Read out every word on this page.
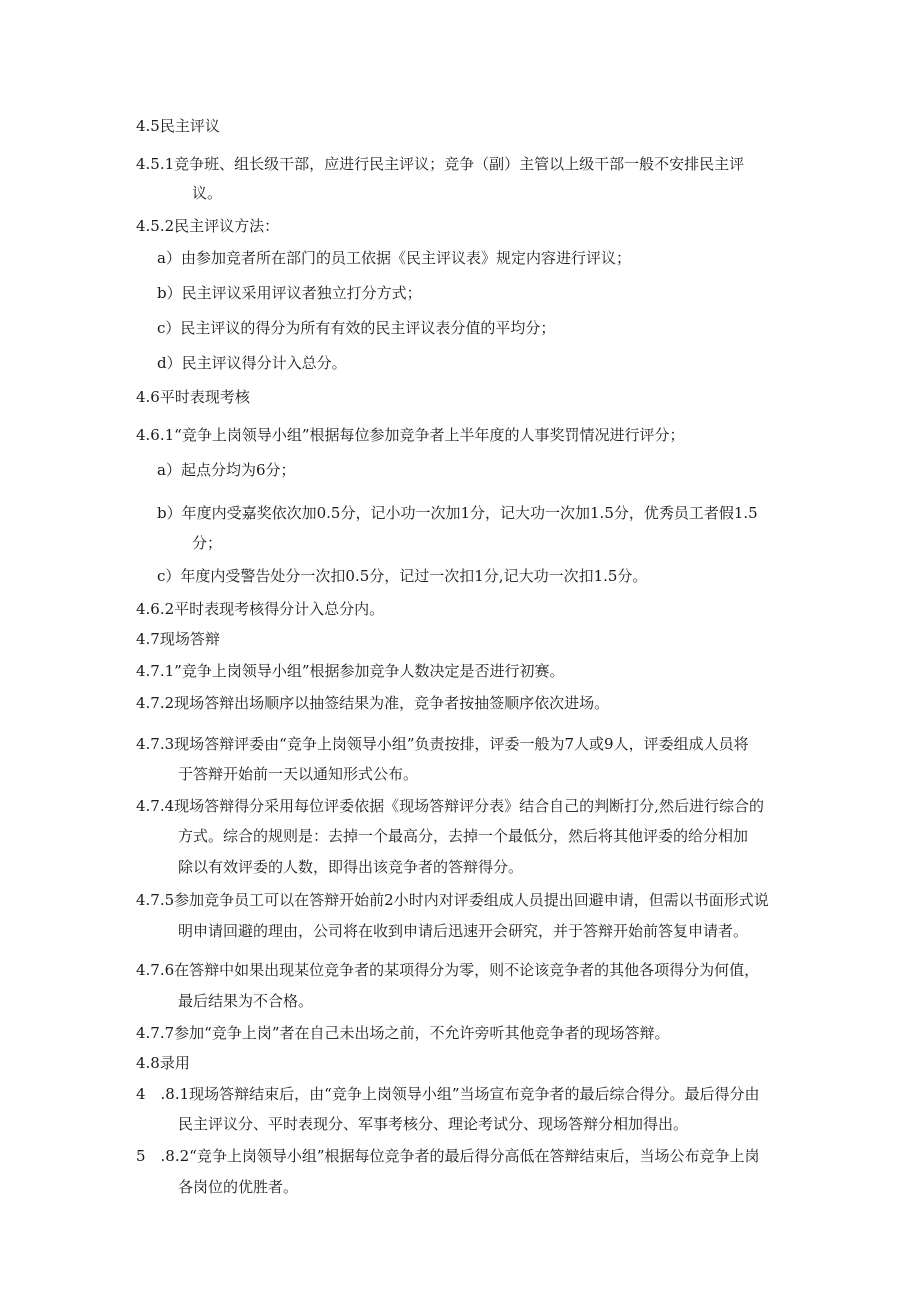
4.5民主评议
4.5.1竞争班、组长级干部，应进行民主评议；竞争（副）主管以上级干部一般不安排民主评
议。
4.5.2民主评议方法：
a）由参加竞者所在部门的员工依据《民主评议表》规定内容进行评议；
b）民主评议采用评议者独立打分方式；
c）民主评议的得分为所有有效的民主评议表分值的平均分；
d）民主评议得分计入总分。
4.6平时表现考核
4.6.1“竞争上岗领导小组”根据每位参加竞争者上半年度的人事奖罚情况进行评分；
a）起点分均为6分；
b）年度内受嘉奖依次加0.5分，记小功一次加1分，记大功一次加1.5分，优秀员工者假1.5
分；
c）年度内受警告处分一次扣0.5分，记过一次扣1分,记大功一次扣1.5分。
4.6.2平时表现考核得分计入总分内。
4.7现场答辩
4.7.1”竞争上岗领导小组”根据参加竞争人数决定是否进行初赛。
4.7.2现场答辩出场顺序以抽签结果为准，竞争者按抽签顺序依次进场。
4.7.3现场答辩评委由“竞争上岗领导小组”负责按排，评委一般为7人或9人，评委组成人员将
于答辩开始前一天以通知形式公布。
4.7.4现场答辩得分采用每位评委依据《现场答辩评分表》结合自己的判断打分,然后进行综合的
方式。综合的规则是：去掉一个最高分，去掉一个最低分，然后将其他评委的给分相加
除以有效评委的人数，即得出该竞争者的答辩得分。
4.7.5参加竞争员工可以在答辩开始前2小时内对评委组成人员提出回避申请，但需以书面形式说
明申请回避的理由，公司将在收到申请后迅速开会研究，并于答辩开始前答复申请者。
4.7.6在答辩中如果出现某位竞争者的某项得分为零，则不论该竞争者的其他各项得分为何值，
最后结果为不合格。
4.7.7参加“竞争上岗”者在自己未出场之前，不允许旁听其他竞争者的现场答辩。
4.8录用
4　.8.1现场答辩结束后，由“竞争上岗领导小组”当场宣布竞争者的最后综合得分。最后得分由
民主评议分、平时表现分、军事考核分、理论考试分、现场答辩分相加得出。
5　.8.2“竞争上岗领导小组”根据每位竞争者的最后得分高低在答辩结束后，当场公布竞争上岗
各岗位的优胜者。
